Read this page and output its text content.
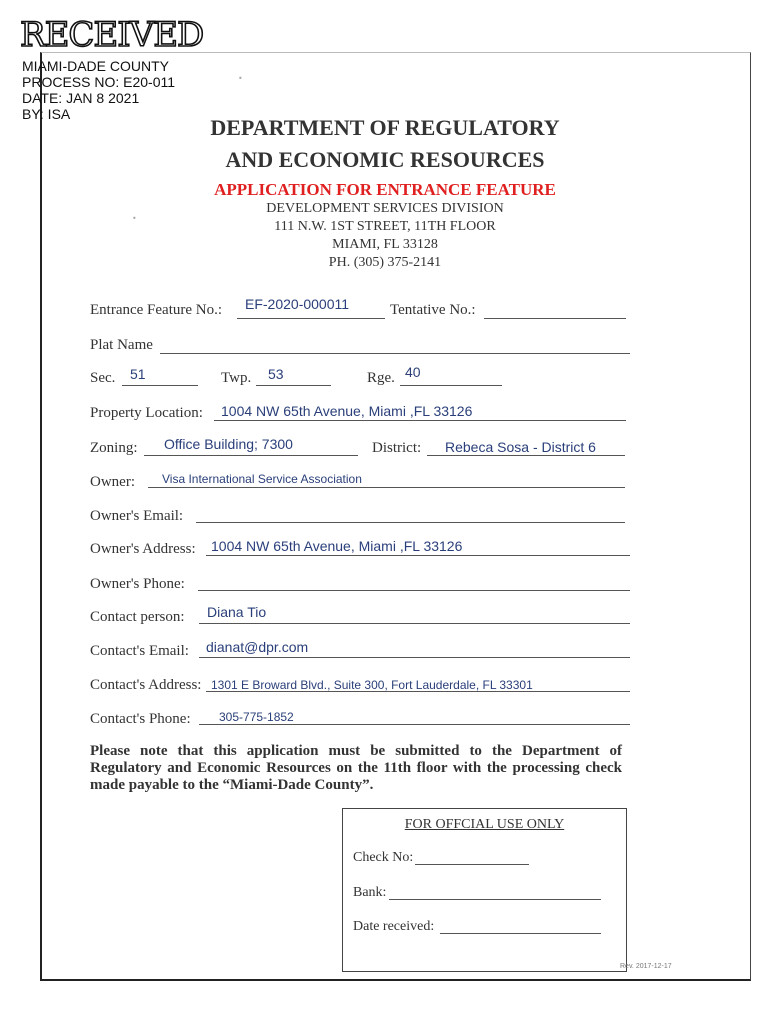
RECEIVED
MIAMI-DADE COUNTY
PROCESS NO: E20-011
DATE: JAN 8 2021
BY: ISA
DEPARTMENT OF REGULATORY
AND ECONOMIC RESOURCES
APPLICATION FOR ENTRANCE FEATURE
DEVELOPMENT SERVICES DIVISION
111 N.W. 1ST STREET, 11TH FLOOR
MIAMI, FL 33128
PH. (305) 375-2141
•
•
Entrance Feature No.: EF-2020-000011	Tentative No.:
Plat Name
Sec. 51	Twp. 53	Rge. 40
Property Location: 1004 NW 65th Avenue, Miami ,FL 33126
Zoning: Office Building; 7300	District: Rebeca Sosa - District 6
Owner: Visa International Service Association
Owner's Email:
Owner's Address: 1004 NW 65th Avenue, Miami ,FL 33126
Owner's Phone:
Contact person: Diana Tio
Contact's Email: dianat@dpr.com
Contact's Address: 1301 E Broward Blvd., Suite 300, Fort Lauderdale, FL 33301
Contact's Phone: 305-775-1852
Please note that this application must be submitted to the Department of Regulatory and Economic Resources on the 11th floor with the processing check made payable to the “Miami-Dade County”.
FOR OFFCIAL USE ONLY
Check No:
Bank:
Date received:
Rev. 2017-12-17
